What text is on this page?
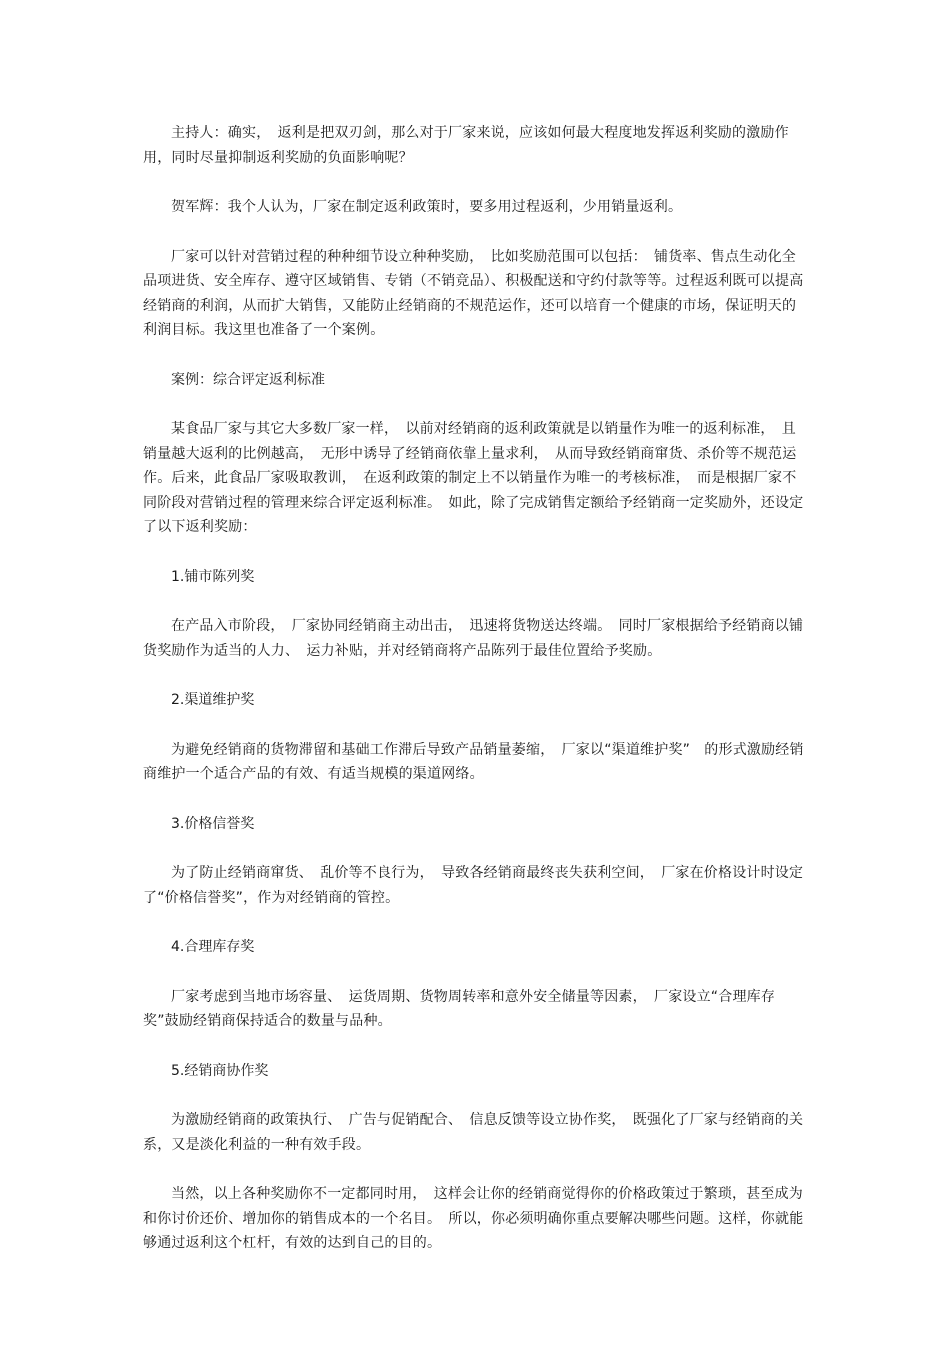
主持人：确实，　返利是把双刃剑，那么对于厂家来说，应该如何最大程度地发挥返利奖励的激励作用，同时尽量抑制返利奖励的负面影响呢？

贺军辉：我个人认为，厂家在制定返利政策时，要多用过程返利，少用销量返利。

厂家可以针对营销过程的种种细节设立种种奖励，　比如奖励范围可以包括：　铺货率、售点生动化全品项进货、安全库存、遵守区域销售、专销（不销竞品）、积极配送和守约付款等等。过程返利既可以提高经销商的利润，从而扩大销售，又能防止经销商的不规范运作，还可以培育一个健康的市场，保证明天的利润目标。我这里也准备了一个案例。

案例：综合评定返利标准

某食品厂家与其它大多数厂家一样，　以前对经销商的返利政策就是以销量作为唯一的返利标准，　且销量越大返利的比例越高，　无形中诱导了经销商依靠上量求利，　从而导致经销商窜货、杀价等不规范运作。后来，此食品厂家吸取教训，　在返利政策的制定上不以销量作为唯一的考核标准，　而是根据厂家不同阶段对营销过程的管理来综合评定返利标准。　如此，除了完成销售定额给予经销商一定奖励外，还设定了以下返利奖励：

1.铺市陈列奖

在产品入市阶段，　厂家协同经销商主动出击，　迅速将货物送达终端。　同时厂家根据给予经销商以铺货奖励作为适当的人力、　运力补贴，并对经销商将产品陈列于最佳位置给予奖励。

2.渠道维护奖

为避免经销商的货物滞留和基础工作滞后导致产品销量萎缩，　厂家以“渠道维护奖”　的形式激励经销商维护一个适合产品的有效、有适当规模的渠道网络。

3.价格信誉奖

为了防止经销商窜货、　乱价等不良行为，　导致各经销商最终丧失获利空间，　厂家在价格设计时设定了“价格信誉奖”，作为对经销商的管控。

4.合理库存奖

厂家考虑到当地市场容量、　运货周期、货物周转率和意外安全储量等因素，　厂家设立“合理库存奖”鼓励经销商保持适合的数量与品种。

5.经销商协作奖

为激励经销商的政策执行、　广告与促销配合、　信息反馈等设立协作奖，　既强化了厂家与经销商的关系，又是淡化利益的一种有效手段。

当然，以上各种奖励你不一定都同时用，　这样会让你的经销商觉得你的价格政策过于繁琐，甚至成为和你讨价还价、增加你的销售成本的一个名目。　所以，你必须明确你重点要解决哪些问题。这样，你就能够通过返利这个杠杆，有效的达到自己的目的。
